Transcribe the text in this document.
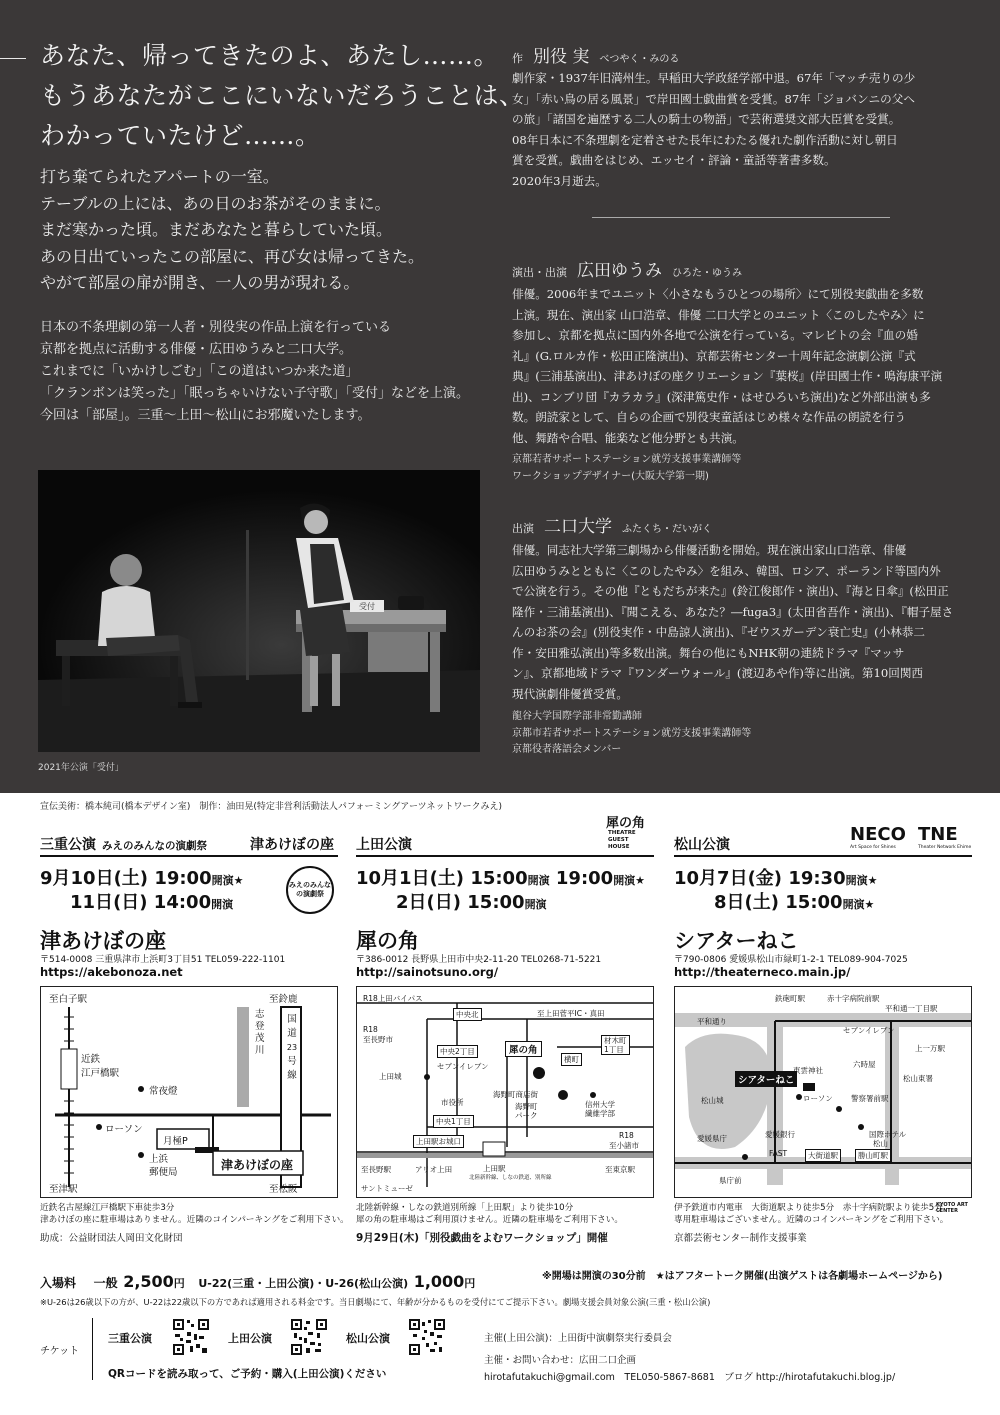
あなた、帰ってきたのよ、あたし……。
もうあなたがここにいないだろうことは、
わかっていたけど……。
打ち棄てられたアパートの一室。
テーブルの上には、あの日のお茶がそのままに。
まだ寒かった頃。まだあなたと暮らしていた頃。
あの日出ていったこの部屋に、再び女は帰ってきた。
やがて部屋の扉が開き、一人の男が現れる。
日本の不条理劇の第一人者・別役実の作品上演を行っている
京都を拠点に活動する俳優・広田ゆうみと二口大学。
これまでに「いかけしごむ」「この道はいつか来た道」
「クランボンは笑った」「眠っちゃいけない子守歌」「受付」などを上演。
今回は「部屋」。三重〜上田〜松山にお邪魔いたします。
受付
2021年公演「受付」
作 別役 実 べつやく・みのる
劇作家・1937年旧満州生。早稲田大学政経学部中退。67年「マッチ売りの少
女」「赤い鳥の居る風景」で岸田國士戯曲賞を受賞。87年「ジョバンニの父へ
の旅」「諸国を遍歴する二人の騎士の物語」で芸術選奨文部大臣賞を受賞。
08年日本に不条理劇を定着させた長年にわたる優れた劇作活動に対し朝日
賞を受賞。戯曲をはじめ、エッセイ・評論・童話等著書多数。
2020年3月逝去。
演出・出演 広田ゆうみ ひろた・ゆうみ
俳優。2006年までユニット〈小さなもうひとつの場所〉にて別役実戯曲を多数
上演。現在、演出家 山口浩章、俳優 二口大学とのユニット〈このしたやみ〉に
参加し、京都を拠点に国内外各地で公演を行っている。マレビトの会『血の婚
礼』(G.ロルカ作・松田正隆演出)、京都芸術センター十周年記念演劇公演『式
典』(三浦基演出)、津あけぼの座クリエーション『葉桜』(岸田國士作・鳴海康平演
出)、コンブリ団『カラカラ』(深津篤史作・はせひろいち演出)など外部出演も多
数。朗読家として、自らの企画で別役実童話はじめ様々な作品の朗読を行う
他、舞踏や合唱、能楽など他分野とも共演。
京都若者サポートステーション就労支援事業講師等
ワークショップデザイナー(大阪大学第一期)
出演 二口大学 ふたくち・だいがく
俳優。同志社大学第三劇場から俳優活動を開始。現在演出家山口浩章、俳優
広田ゆうみとともに〈このしたやみ〉を組み、韓国、ロシア、ポーランド等国内外
で公演を行う。その他『ともだちが来た』(鈴江俊郎作・演出)、『海と日傘』(松田正
隆作・三浦基演出)、『聞こえる、あなた？―fuga3』(太田省吾作・演出)、『帽子屋さ
んのお茶の会』(別役実作・中島諒人演出)、『ゼウスガーデン衰亡史』(小林恭二
作・安田雅弘演出)等多数出演。舞台の他にもNHK朝の連続ドラマ『マッサ
ン』、京都地域ドラマ『ワンダーウォール』(渡辺あや作)等に出演。第10回関西
現代演劇俳優賞受賞。
龍谷大学国際学部非常勤講師
京都市若者サポートステーション就労支援事業講師等
京都役者落語会メンバー
宣伝美術：橋本純司(橋本デザイン室)　制作：油田晃(特定非営利活動法人パフォーミングアーツネットワークみえ)
三重公演 みえのみんなの演劇祭	津あけぼの座
9月10日(土) 19:00開演★
11日(日) 14:00開演
みえのみんなの演劇祭
津あけぼの座
〒514-0008 三重県津市上浜町3丁目51 TEL059-222-1101
https://akebonoza.net
至白子駅	至鈴鹿
近鉄
江戸橋駅
常夜燈
志
登
茂
川
国
道
23
号
線
ローソン
月極P
津あけぼの座
上浜
郵便局
至津駅	至松阪
近鉄名古屋線江戸橋駅下車徒歩3分
津あけぼの座に駐車場はありません。近隣のコインパーキングをご利用下さい。
助成：公益財団法人岡田文化財団
上田公演
犀の角
THEATRE GUEST HOUSE
10月1日(土) 15:00開演 19:00開演★
2日(日) 15:00開演
犀の角
〒386-0012 長野県上田市中央2-11-20 TEL0268-71-5221
http://sainotsuno.org/
R18上田バイパス
中央北	至上田菅平IC・真田
R18
至長野市
中央2丁目	犀の角
横町
材木町
1丁目
セブンイレブン
上田城
市役所
海野町商店街
海野町
パーク
信州大学
繊維学部
中央1丁目
上田駅お城口
R18
至小諸市
至長野駅	アリオ上田	至東京駅
上田駅
北陸新幹線、しなの鉄道、別所線
サントミューゼ
北陸新幹線・しなの鉄道別所線「上田駅」より徒歩10分
犀の角の駐車場はご利用頂けません。近隣の駐車場をご利用下さい。
9月29日(木)「別役戯曲をよむワークショップ」開催
松山公演	NECO
Art Space for Shines
TNE
Theater Network Ehime
10月7日(金) 19:30開演★
8日(土) 15:00開演★
シアターねこ
〒790-0806 愛媛県松山市緑町1-2-1 TEL089-904-7025
http://theaterneco.main.jp/
鉄砲町駅	赤十字病院前駅
平和通一丁目駅
平和通り
セブンイレブン
上一万駅
シアターねこ
六時屋
松山城
東雲神社
ローソン 警察署前駅
松山東署
愛媛県庁	愛媛銀行	国際ホテル
松山
FAST	大街道駅	勝山町駅
県庁前
伊予鉄道市内電車　大街道駅より徒歩5分　赤十字病院駅より徒歩5分
専用駐車場はございません。近隣のコインパーキングをご利用下さい。
京都芸術センター制作支援事業
KYOTO ART CENTER
※開場は開演の30分前　★はアフタートーク開催(出演ゲストは各劇場ホームページから)
入場料 一般 2,500円 U-22(三重・上田公演)・U-26(松山公演) 1,000円
※U-26は26歳以下の方が、U-22は22歳以下の方であれば適用される料金です。当日劇場にて、年齢が分かるものを受付にてご提示下さい。劇場支援会員対象公演(三重・松山公演)
チケット
三重公演	上田公演	松山公演
QRコードを読み取って、ご予約・購入(上田公演)ください
主催(上田公演)：上田街中演劇祭実行委員会
主催・お問い合わせ：広田二口企画
hirotafutakuchi@gmail.com　TEL050-5867-8681　ブログ http://hirotafutakuchi.blog.jp/
